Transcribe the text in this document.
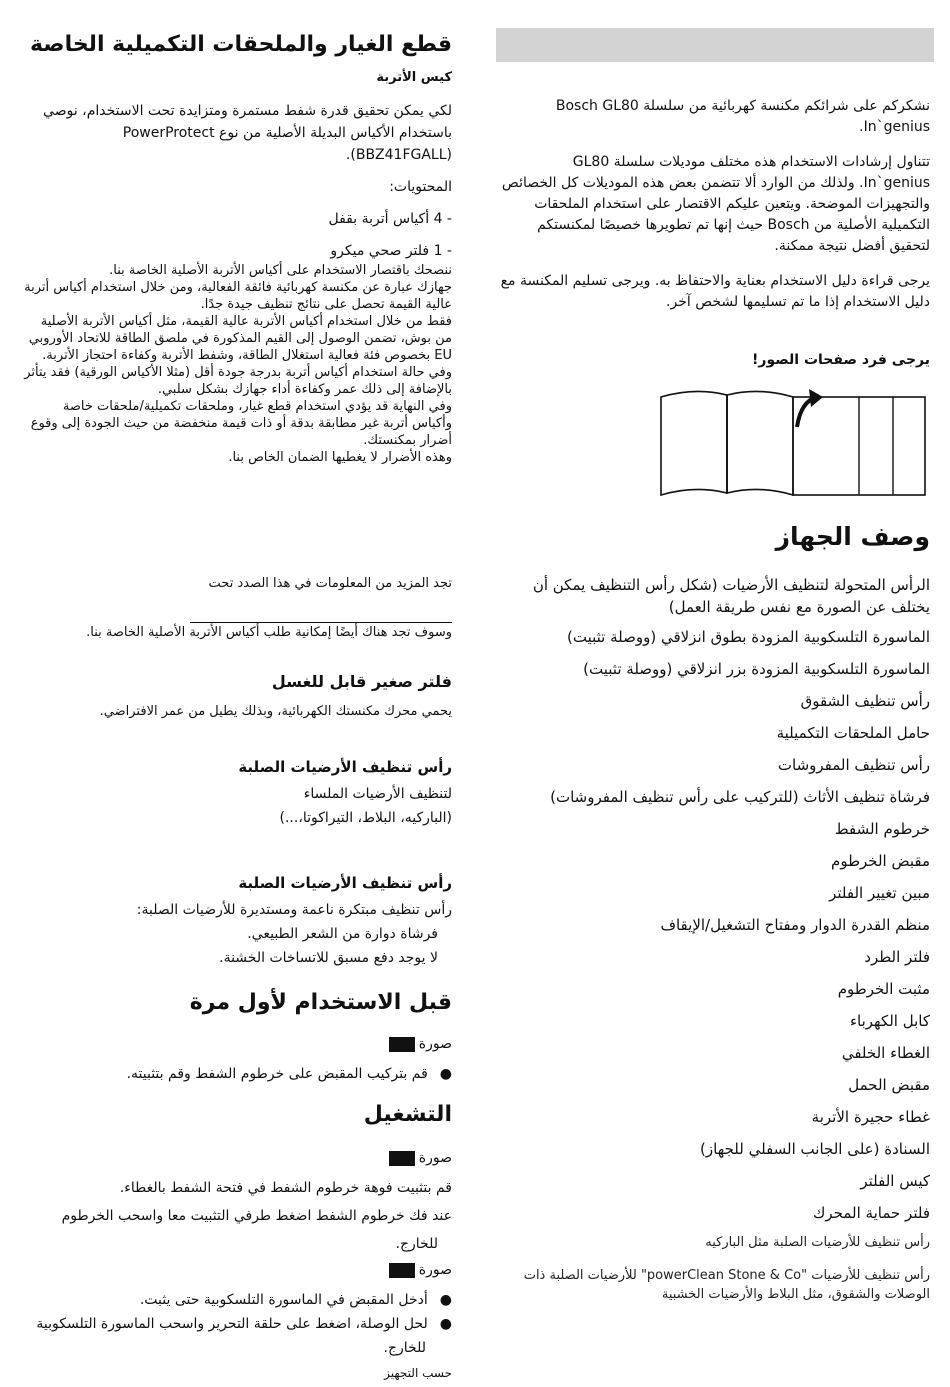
نشكركم على شرائكم مكنسة كهربائية من سلسلة Bosch GL80 In`genius.

تتناول إرشادات الاستخدام هذه مختلف موديلات سلسلة GL80 In`genius. ولذلك من الوارد ألا تتضمن بعض هذه الموديلات كل الخصائص والتجهيزات الموضحة. ويتعين عليكم الاقتصار على استخدام الملحقات التكميلية الأصلية من Bosch حيث إنها تم تطويرها خصيصًا لمكنستكم لتحقيق أفضل نتيجة ممكنة.

يرجى قراءة دليل الاستخدام بعناية والاحتفاظ به. ويرجى تسليم المكنسة مع دليل الاستخدام إذا ما تم تسليمها لشخص آخر.

يرجى فرد صفحات الصور!
وصف الجهاز
الرأس المتحولة لتنظيف الأرضيات (شكل رأس التنظيف يمكن أن يختلف عن الصورة مع نفس طريقة العمل)
الماسورة التلسكوبية المزودة بطوق انزلاقي (ووصلة تثبيت)
الماسورة التلسكوبية المزودة بزر انزلاقي (ووصلة تثبيت)
رأس تنظيف الشقوق
حامل الملحقات التكميلية
رأس تنظيف المفروشات
فرشاة تنظيف الأثاث (للتركيب على رأس تنظيف المفروشات)
خرطوم الشفط
مقبض الخرطوم
مبين تغيير الفلتر
منظم القدرة الدوار ومفتاح التشغيل/الإيقاف
فلتر الطرد
مثبت الخرطوم
كابل الكهرباء
الغطاء الخلفي
مقبض الحمل
غطاء حجيرة الأتربة
السنادة (على الجانب السفلي للجهاز)
كيس الفلتر
فلتر حماية المحرك
رأس تنظيف للأرضيات الصلبة مثل الباركيه
رأس تنظيف للأرضيات "powerClean Stone & Co" للأرضيات الصلبة ذات الوصلات والشقوق، مثل البلاط والأرضيات الخشبية
قطع الغيار والملحقات التكميلية الخاصة
كيس الأتربة

لكي يمكن تحقيق قدرة شفط مستمرة ومتزايدة تحت الاستخدام، نوصي باستخدام الأكياس البديلة الأصلية من نوع PowerProtect (BBZ41FGALL).

المحتويات:

- 4 أكياس أتربة بقفل

- 1 فلتر صحي ميكرو

ننصحك باقتصار الاستخدام على أكياس الأتربة الأصلية الخاصة بنا.

جهازك عبارة عن مكنسة كهربائية فائقة الفعالية، ومن خلال استخدام أكياس أتربة عالية القيمة تحصل على نتائج تنظيف جيدة جدًا.

فقط من خلال استخدام أكياس الأتربة عالية القيمة، مثل أكياس الأتربة الأصلية من بوش، تضمن الوصول إلى القيم المذكورة في ملصق الطاقة للاتحاد الأوروبي EU بخصوص فئة فعالية استغلال الطاقة، وشفط الأتربة وكفاءة احتجاز الأتربة.

وفي حالة استخدام أكياس أتربة بدرجة جودة أقل (مثلا الأكياس الورقية) فقد يتأثر بالإضافة إلى ذلك عمر وكفاءة أداء جهازك بشكل سلبي.

وفي النهاية قد يؤدي استخدام قطع غيار، وملحقات تكميلية/ملحقات خاصة وأكياس أتربة غير مطابقة بدقة أو ذات قيمة منخفضة من حيث الجودة إلى وقوع أضرار بمكنستك.

وهذه الأضرار لا يغطيها الضمان الخاص بنا.

تجد المزيد من المعلومات في هذا الصدد تحت

وسوف تجد هناك أيضًا إمكانية طلب أكياس الأتربة الأصلية الخاصة بنا.

فلتر صغير قابل للغسل

يحمي محرك مكنستك الكهربائية، وبذلك يطيل من عمر الافتراضي.

رأس تنظيف الأرضيات الصلبة

لتنظيف الأرضيات الملساء

(الباركيه، البلاط، التيراكوتا،...)

رأس تنظيف الأرضيات الصلبة

رأس تنظيف مبتكرة ناعمة ومستديرة للأرضيات الصلبة:

فرشاة دوارة من الشعر الطبيعي.

لا يوجد دفع مسبق للاتساخات الخشنة.

قبل الاستخدام لأول مرة
صورة
●
قم بتركيب المقبض على خرطوم الشفط وقم بتثبيته.
التشغيل
صورة

قم بتثبيت فوهة خرطوم الشفط في فتحة الشفط بالغطاء.

عند فك خرطوم الشفط اضغط طرفي التثبيت معا واسحب الخرطوم

للخارج.

صورة
●
أدخل المقبض في الماسورة التلسكوبية حتى يثبت.
●
لحل الوصلة، اضغط على حلقة التحرير واسحب الماسورة التلسكوبية
للخارج.
حسب التجهيز
